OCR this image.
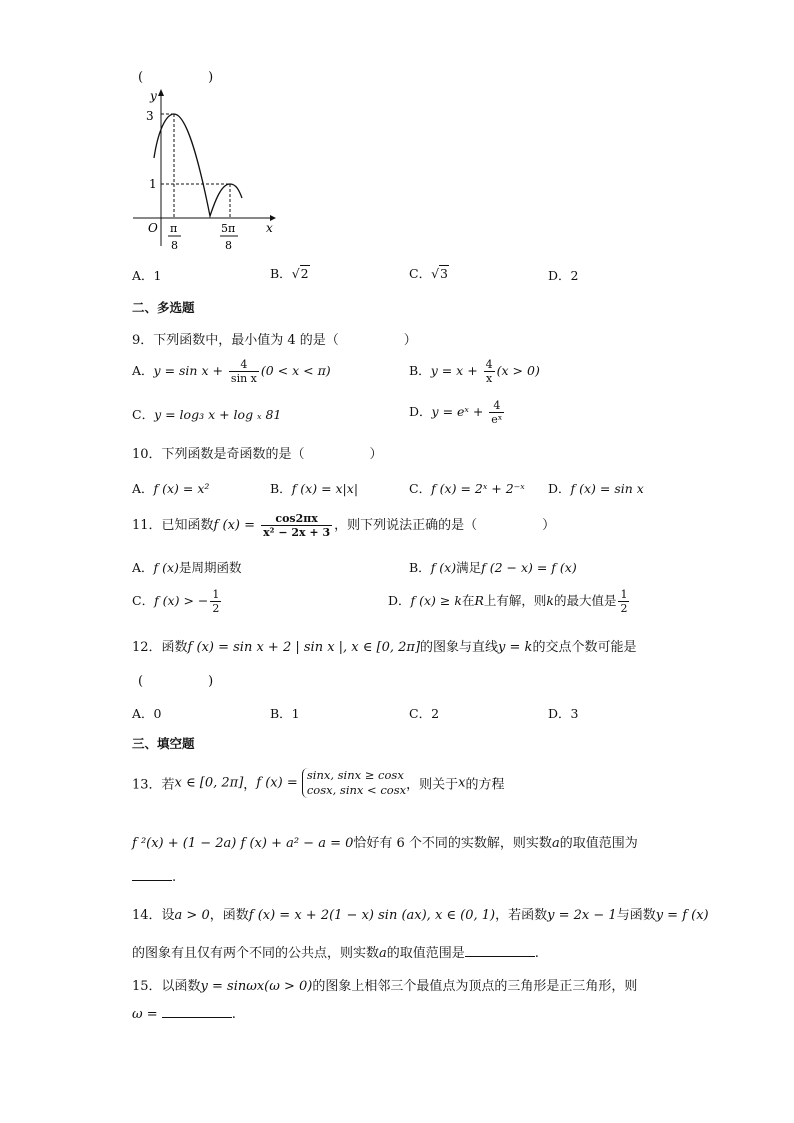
(　　　　　)
y
x
3
1
O π
8
5π
8
A．1	B．√2	C．√3	D．2
二、多选题
9．下列函数中，最小值为 4 的是（　　　　　）
A．$y = \sin x + \frac{4}{\text{sin x}} (0 < x < \pi)$	B．$y = x + \frac{4}{x} (x > 0)$
C．y = log₃ x + log ₓ 81	D．y = eˣ + $\frac{4}{\text{eˣ}}$
10．下列函数是奇函数的是（　　　　　）
A．f (x) = x²	B．f (x) = x|x|	C．f (x) = 2ˣ + 2⁻ˣ D．f (x) = sin x
11．已知函数f $(x) = \frac{\cos 2\pi x}{\text{x² − 2x + 3}}$ ，则下列说法正确的是（　　　　　）
A．f (x)是周期函数	B．f (x)满足f (2 − x) = f (x)
C．f (x) > − $\frac{1}{2}$	D．f (x) ≥ k在R上有解，则k的最大值是 $\frac{1}{2}$
12．函数f (x) = sin x + 2 | sin x |, x ∈ [0, 2π]的图象与直线y = k的交点个数可能是
(　　　　　)
A．0	B．1	C．2	D．3
三、填空题
13．若x ∈ [0, 2π]，f (x) =
sinx, sinx ≥ cosx
cosx, sinx < cosx ，则关于x的方程
f ²(x) + (1 − 2a) f (x) + a² − a = 0恰好有 6 个不同的实数解，则实数a的取值范围为
.
14．设a > 0，函数f (x) = x + 2(1 − x) sin (ax), x ∈ (0, 1)，若函数y = 2x − 1与函数y = f (x)
的图象有且仅有两个不同的公共点，则实数a的取值范围是	.
15．以函数y = sinωx(ω > 0)的图象上相邻三个最值点为顶点的三角形是正三角形，则
ω =	.
